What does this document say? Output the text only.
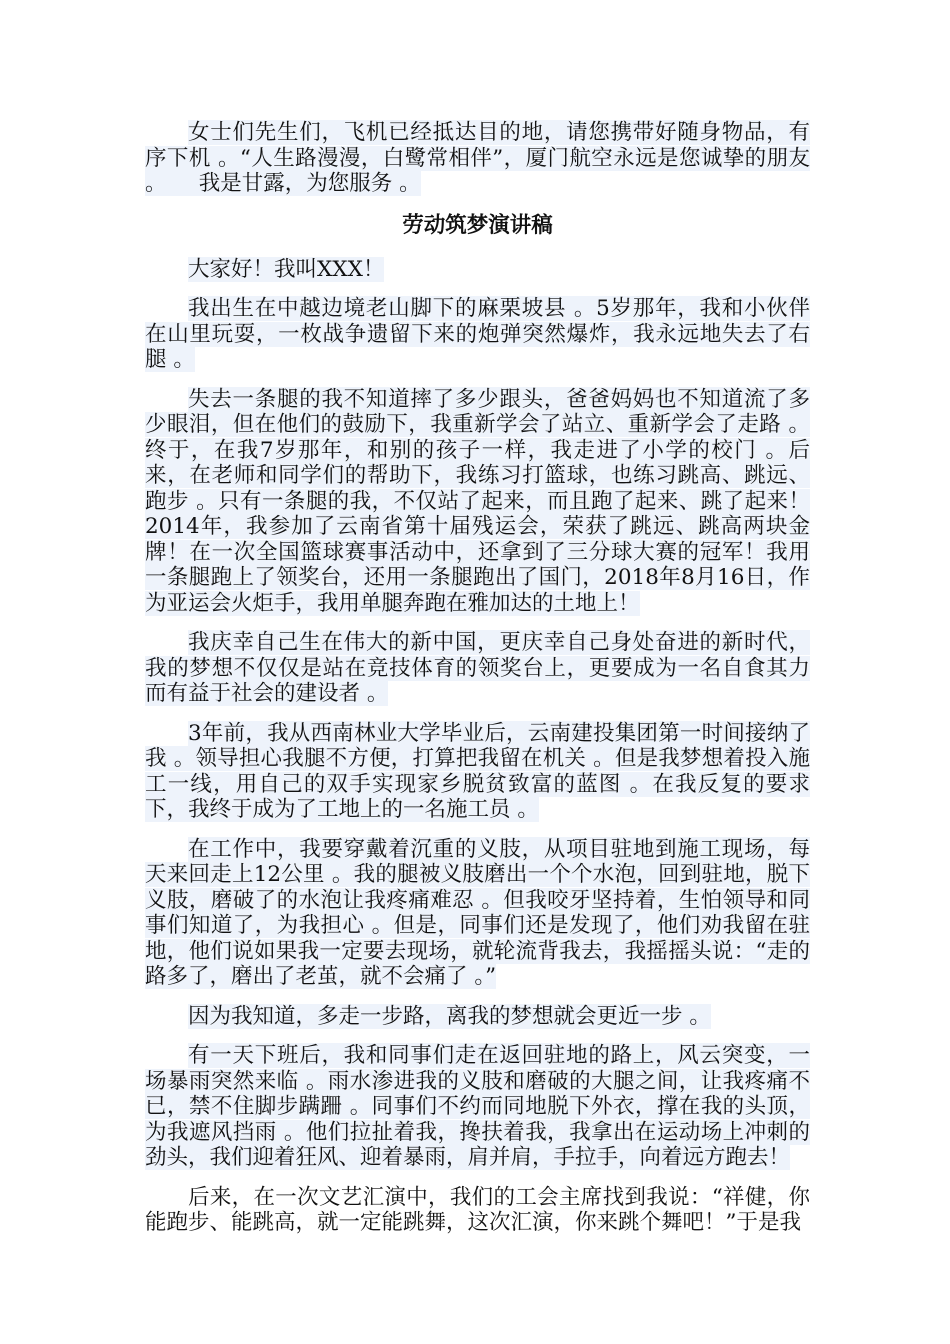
女士们先生们，飞机已经抵达目的地，请您携带好随身物品，有序下机 。“人生路漫漫，白鹭常相伴”，厦门航空永远是您诚挚的朋友 。　　我是甘露，为您服务 。

劳动筑梦演讲稿

大家好！我叫XXX！

我出生在中越边境老山脚下的麻栗坡县 。5岁那年，我和小伙伴在山里玩耍，一枚战争遗留下来的炮弹突然爆炸，我永远地失去了右腿 。

失去一条腿的我不知道摔了多少跟头，爸爸妈妈也不知道流了多少眼泪，但在他们的鼓励下，我重新学会了站立、重新学会了走路 。终于，在我7岁那年，和别的孩子一样，我走进了小学的校门 。后来，在老师和同学们的帮助下，我练习打篮球，也练习跳高、跳远、跑步 。只有一条腿的我，不仅站了起来，而且跑了起来、跳了起来！2014年，我参加了云南省第十届残运会，荣获了跳远、跳高两块金牌！在一次全国篮球赛事活动中，还拿到了三分球大赛的冠军！我用一条腿跑上了领奖台，还用一条腿跑出了国门，2018年8月16日，作为亚运会火炬手，我用单腿奔跑在雅加达的土地上！

我庆幸自己生在伟大的新中国，更庆幸自己身处奋进的新时代，我的梦想不仅仅是站在竞技体育的领奖台上，更要成为一名自食其力而有益于社会的建设者 。

3年前，我从西南林业大学毕业后，云南建投集团第一时间接纳了我 。领导担心我腿不方便，打算把我留在机关 。但是我梦想着投入施工一线，用自己的双手实现家乡脱贫致富的蓝图 。在我反复的要求下，我终于成为了工地上的一名施工员 。

在工作中，我要穿戴着沉重的义肢，从项目驻地到施工现场，每天来回走上12公里 。我的腿被义肢磨出一个个水泡，回到驻地，脱下义肢，磨破了的水泡让我疼痛难忍 。但我咬牙坚持着，生怕领导和同事们知道了，为我担心 。但是，同事们还是发现了，他们劝我留在驻地，他们说如果我一定要去现场，就轮流背我去，我摇摇头说：“走的路多了，磨出了老茧，就不会痛了 。”

因为我知道，多走一步路，离我的梦想就会更近一步 。

有一天下班后，我和同事们走在返回驻地的路上，风云突变，一场暴雨突然来临 。雨水渗进我的义肢和磨破的大腿之间，让我疼痛不已，禁不住脚步蹒跚 。同事们不约而同地脱下外衣，撑在我的头顶，为我遮风挡雨 。他们拉扯着我，搀扶着我，我拿出在运动场上冲刺的劲头，我们迎着狂风、迎着暴雨，肩并肩，手拉手，向着远方跑去！

后来，在一次文艺汇演中，我们的工会主席找到我说：“祥健，你能跑步、能跳高，就一定能跳舞，这次汇演，你来跳个舞吧！”于是我
